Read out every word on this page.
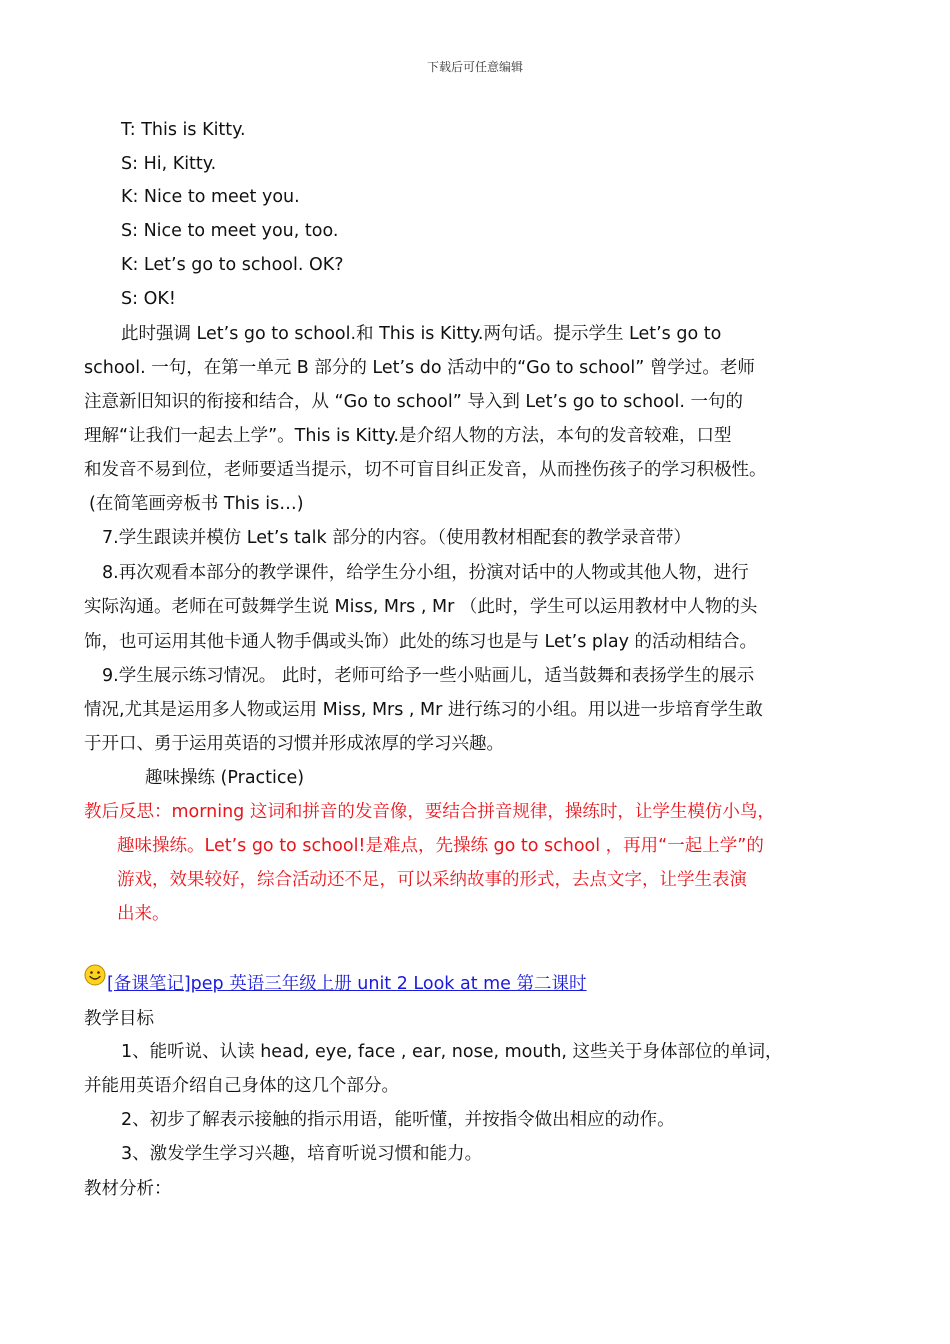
下载后可任意编辑
T: This is Kitty.
S: Hi, Kitty.
K: Nice to meet you.
S: Nice to meet you, too.
K: Let’s go to school. OK?
S: OK!
此时强调 Let’s go to school.和 This is Kitty.两句话。提示学生 Let’s go to
school. 一句，在第一单元 B 部分的 Let’s do 活动中的“Go to school” 曾学过。老师
注意新旧知识的衔接和结合，从 “Go to school” 导入到 Let’s go to school. 一句的
理解“让我们一起去上学”。This is Kitty.是介绍人物的方法，本句的发音较难，口型
和发音不易到位，老师要适当提示，切不可盲目纠正发音，从而挫伤孩子的学习积极性。
(在简笔画旁板书 This is…)
7.学生跟读并模仿 Let’s talk 部分的内容。（使用教材相配套的教学录音带）
8.再次观看本部分的教学课件，给学生分小组，扮演对话中的人物或其他人物，进行
实际沟通。老师在可鼓舞学生说 Miss, Mrs , Mr （此时，学生可以运用教材中人物的头
饰，也可运用其他卡通人物手偶或头饰）此处的练习也是与 Let’s play 的活动相结合。
9.学生展示练习情况。 此时，老师可给予一些小贴画儿，适当鼓舞和表扬学生的展示
情况,尤其是运用多人物或运用 Miss, Mrs , Mr 进行练习的小组。用以进一步培育学生敢
于开口、勇于运用英语的习惯并形成浓厚的学习兴趣。
趣味操练 (Practice)
教后反思：morning 这词和拼音的发音像，要结合拼音规律，操练时，让学生模仿小鸟，
趣味操练。Let’s go to school!是难点，先操练 go to school ，再用“一起上学”的
游戏，效果较好，综合活动还不足，可以采纳故事的形式，去点文字，让学生表演
出来。
[备课笔记]pep 英语三年级上册 unit 2 Look at me 第二课时
教学目标
1、能听说、认读 head, eye, face , ear, nose, mouth, 这些关于身体部位的单词，
并能用英语介绍自己身体的这几个部分。
2、初步了解表示接触的指示用语，能听懂，并按指令做出相应的动作。
3、激发学生学习兴趣，培育听说习惯和能力。
教材分析：
